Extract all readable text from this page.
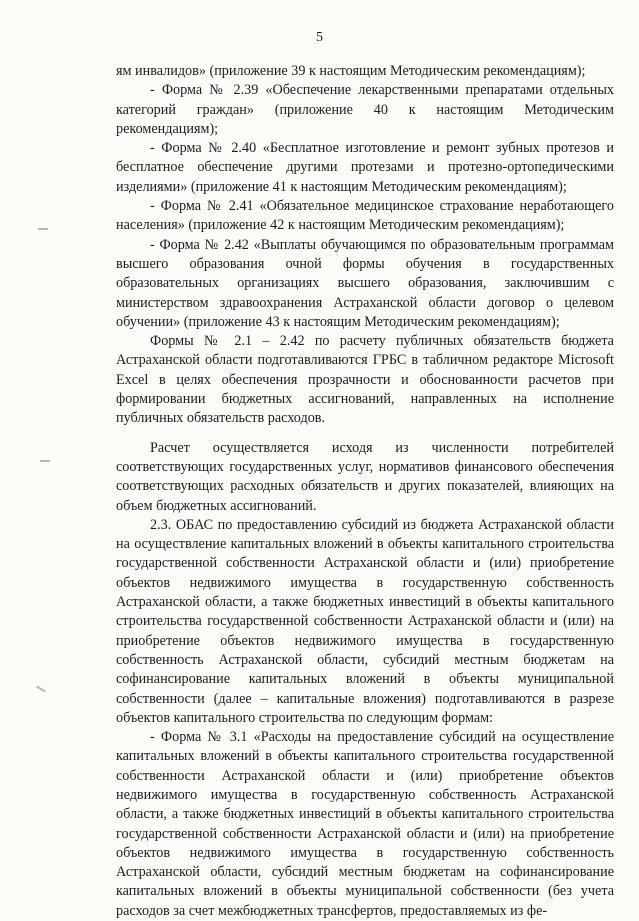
5

ям инвалидов» (приложение 39 к настоящим Методическим рекомендациям);

- Форма № 2.39 «Обеспечение лекарственными препаратами отдельных категорий граждан» (приложение 40 к настоящим Методическим рекомендациям);

- Форма № 2.40 «Бесплатное изготовление и ремонт зубных протезов и бесплатное обеспечение другими протезами и протезно-ортопедическими изделиями» (приложение 41 к настоящим Методическим рекомендациям);

- Форма № 2.41 «Обязательное медицинское страхование неработающего населения» (приложение 42 к настоящим Методическим рекомендациям);

- Форма № 2.42 «Выплаты обучающимся по образовательным программам высшего образования очной формы обучения в государственных образовательных организациях высшего образования, заключившим с министерством здравоохранения Астраханской области договор о целевом обучении» (приложение 43 к настоящим Методическим рекомендациям);

Формы № 2.1 – 2.42 по расчету публичных обязательств бюджета Астраханской области подготавливаются ГРБС в табличном редакторе Microsoft Excel в целях обеспечения прозрачности и обоснованности расчетов при формировании бюджетных ассигнований, направленных на исполнение публичных обязательств расходов.

Расчет осуществляется исходя из численности потребителей соответствующих государственных услуг, нормативов финансового обеспечения соответствующих расходных обязательств и других показателей, влияющих на объем бюджетных ассигнований.

2.3. ОБАС по предоставлению субсидий из бюджета Астраханской области на осуществление капитальных вложений в объекты капитального строительства государственной собственности Астраханской области и (или) приобретение объектов недвижимого имущества в государственную собственность Астраханской области, а также бюджетных инвестиций в объекты капитального строительства государственной собственности Астраханской области и (или) на приобретение объектов недвижимого имущества в государственную собственность Астраханской области, субсидий местным бюджетам на софинансирование капитальных вложений в объекты муниципальной собственности (далее – капитальные вложения) подготавливаются в разрезе объектов капитального строительства по следующим формам:

- Форма № 3.1 «Расходы на предоставление субсидий на осуществление капитальных вложений в объекты капитального строительства государственной собственности Астраханской области и (или) приобретение объектов недвижимого имущества в государственную собственность Астраханской области, а также бюджетных инвестиций в объекты капитального строительства государственной собственности Астраханской области и (или) на приобретение объектов недвижимого имущества в государственную собственность Астраханской области, субсидий местным бюджетам на софинансирование капитальных вложений в объекты муниципальной собственности (без учета расходов за счет межбюджетных трансфертов, предоставляемых из фе-
